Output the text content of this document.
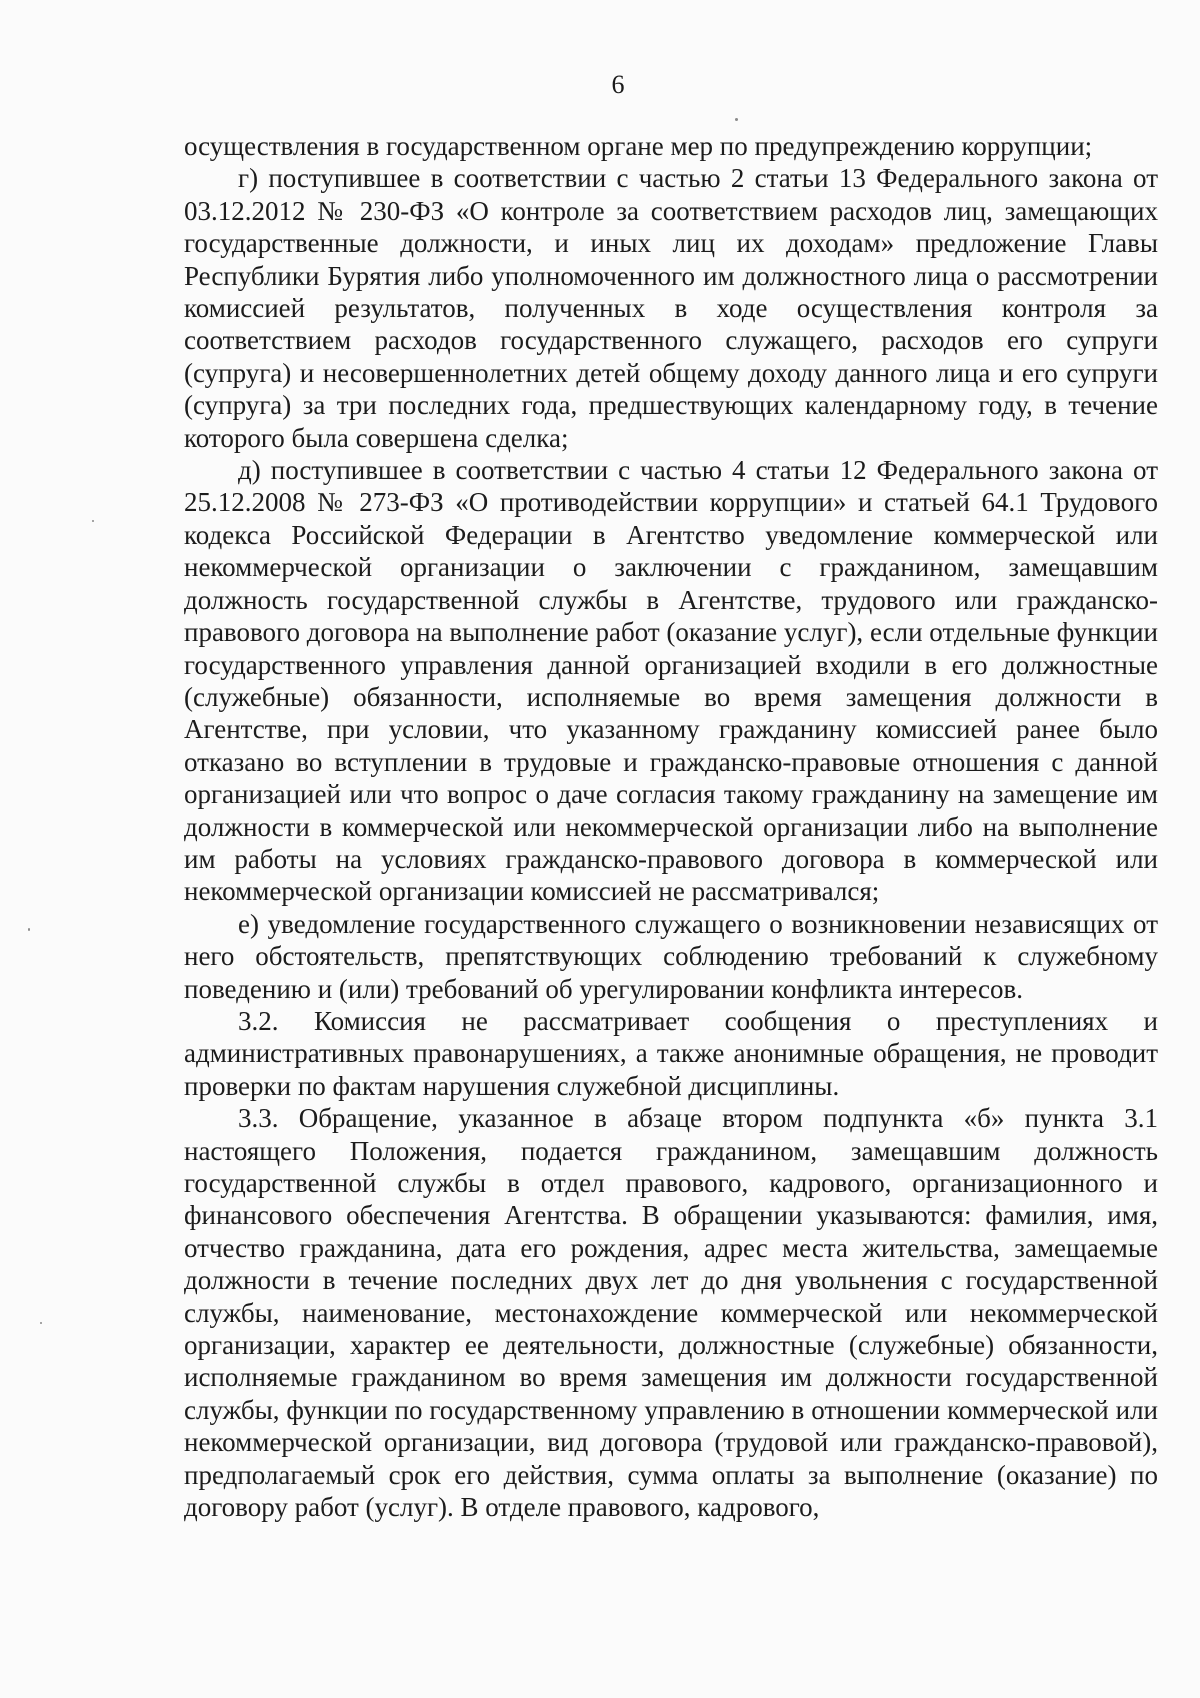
6

осуществления в государственном органе мер по предупреждению коррупции;

г) поступившее в соответствии с частью 2 статьи 13 Федерального закона от 03.12.2012 № 230-ФЗ «О контроле за соответствием расходов лиц, замещающих государственные должности, и иных лиц их доходам» предложение Главы Республики Бурятия либо уполномоченного им должностного лица о рассмотрении комиссией результатов, полученных в ходе осуществления контроля за соответствием расходов государственного служащего, расходов его супруги (супруга) и несовершеннолетних детей общему доходу данного лица и его супруги (супруга) за три последних года, предшествующих календарному году, в течение которого была совершена сделка;

д) поступившее в соответствии с частью 4 статьи 12 Федерального закона от 25.12.2008 № 273-ФЗ «О противодействии коррупции» и статьей 64.1 Трудового кодекса Российской Федерации в Агентство уведомление коммерческой или некоммерческой организации о заключении с гражданином, замещавшим должность государственной службы в Агентстве, трудового или гражданско-правового договора на выполнение работ (оказание услуг), если отдельные функции государственного управления данной организацией входили в его должностные (служебные) обязанности, исполняемые во время замещения должности в Агентстве, при условии, что указанному гражданину комиссией ранее было отказано во вступлении в трудовые и гражданско-правовые отношения с данной организацией или что вопрос о даче согласия такому гражданину на замещение им должности в коммерческой или некоммерческой организации либо на выполнение им работы на условиях гражданско-правового договора в коммерческой или некоммерческой организации комиссией не рассматривался;

е) уведомление государственного служащего о возникновении независящих от него обстоятельств, препятствующих соблюдению требований к служебному поведению и (или) требований об урегулировании конфликта интересов.

3.2. Комиссия не рассматривает сообщения о преступлениях и административных правонарушениях, а также анонимные обращения, не проводит проверки по фактам нарушения служебной дисциплины.

3.3. Обращение, указанное в абзаце втором подпункта «б» пункта 3.1 настоящего Положения, подается гражданином, замещавшим должность государственной службы в отдел правового, кадрового, организационного и финансового обеспечения Агентства. В обращении указываются: фамилия, имя, отчество гражданина, дата его рождения, адрес места жительства, замещаемые должности в течение последних двух лет до дня увольнения с государственной службы, наименование, местонахождение коммерческой или некоммерческой организации, характер ее деятельности, должностные (служебные) обязанности, исполняемые гражданином во время замещения им должности государственной службы, функции по государственному управлению в отношении коммерческой или некоммерческой организации, вид договора (трудовой или гражданско-правовой), предполагаемый срок его действия, сумма оплаты за выполнение (оказание) по договору работ (услуг). В отделе правового, кадрового,
